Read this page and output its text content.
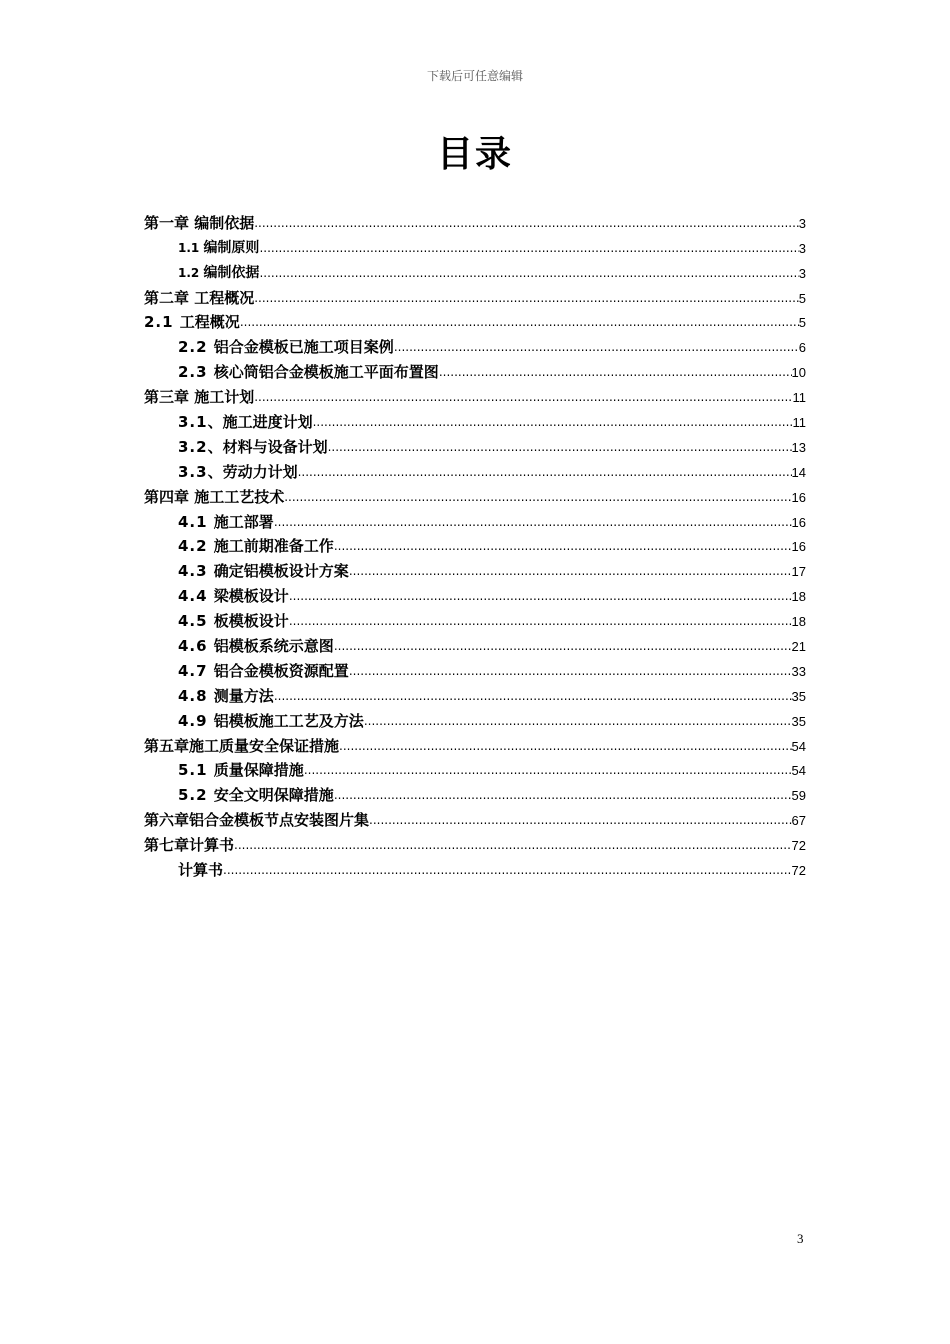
下载后可任意编辑
目录
第一章 编制依据 .....	3
1.1 编制原则 .....	3
1.2 编制依据 .....	3
第二章 工程概况 .....	5
2.1 工程概况 .....	5
2.2 铝合金模板已施工项目案例 .....	6
2.3 核心筒铝合金模板施工平面布置图 .....	10
第三章 施工计划 .....	11
3.1、施工进度计划 .....	11
3.2、材料与设备计划 .....	13
3.3、劳动力计划 .....	14
第四章 施工工艺技术 .....	16
4.1 施工部署 .....	16
4.2 施工前期准备工作 .....	16
4.3 确定铝模板设计方案 .....	17
4.4 梁模板设计 .....	18
4.5 板模板设计 .....	18
4.6 铝模板系统示意图 .....	21
4.7 铝合金模板资源配置 .....	33
4.8 测量方法 .....	35
4.9 铝模板施工工艺及方法 .....	35
第五章施工质量安全保证措施 .....	54
5.1 质量保障措施 .....	54
5.2 安全文明保障措施 .....	59
第六章铝合金模板节点安装图片集 .....	67
第七章计算书 .....	72
计算书 .....	72
3
